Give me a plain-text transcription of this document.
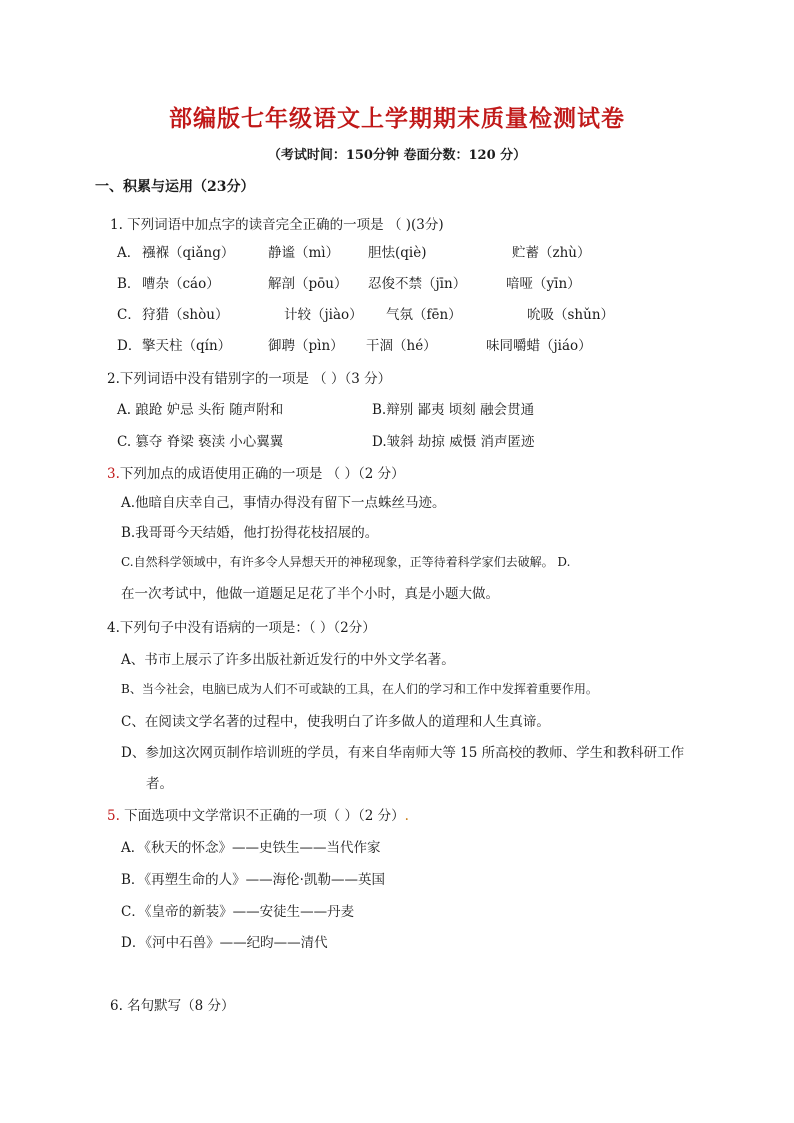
部编版七年级语文上学期期末质量检测试卷
（考试时间：150分钟 卷面分数：120 分）
一、积累与运用（23分）
1. 下列词语中加点字的读音完全正确的一项是 （ )(3分)
A． 襁褓（qiǎng） 静谧（mì） 胆怯(qiè)	贮蓄（zhù）
B． 嘈杂（cáo）	解剖（pōu） 忍俊不禁（jīn）	喑哑（yīn）
C． 狩猎（shòu）	计较（jiào） 气氛（fēn）	吮吸（shǔn）
D． 擎天柱（qín）	御聘（pìn） 干涸（hé）	味同嚼蜡（jiáo）
2.下列词语中没有错别字的一项是 （ ）（3 分）
A. 踉跄 妒忌 头衔 随声附和	B.辩别 鄙夷 顷刻 融会贯通
C. 篡夺 脊梁 亵渎 小心翼翼	D.皱斜 劫掠 威慑 消声匿迹
3.下列加点的成语使用正确的一项是 （ ）（2 分）
A.他暗自庆幸自己，事情办得没有留下一点蛛丝马迹。
B.我哥哥今天结婚，他打扮得花枝招展的。
C.自然科学领域中，有许多令人异想天开的神秘现象，正等待着科学家们去破解。 D.
在一次考试中，他做一道题足足花了半个小时，真是小题大做。
4.下列句子中没有语病的一项是：（ ）（2分）
A、书市上展示了许多出版社新近发行的中外文学名著。
B、当今社会，电脑已成为人们不可或缺的工具，在人们的学习和工作中发挥着重要作用。
C、在阅读文学名著的过程中，使我明白了许多做人的道理和人生真谛。
D、参加这次网页制作培训班的学员，有来自华南师大等 15 所高校的教师、学生和教科研工作
者。
5. 下面选项中文学常识不正确的一项（ ）（2 分）.
A．《秋天的怀念》——史铁生——当代作家
B．《再塑生命的人》——海伦·凯勒——英国
C．《皇帝的新装》——安徒生——丹麦
D．《河中石兽》——纪昀——清代
6. 名句默写（8 分）
